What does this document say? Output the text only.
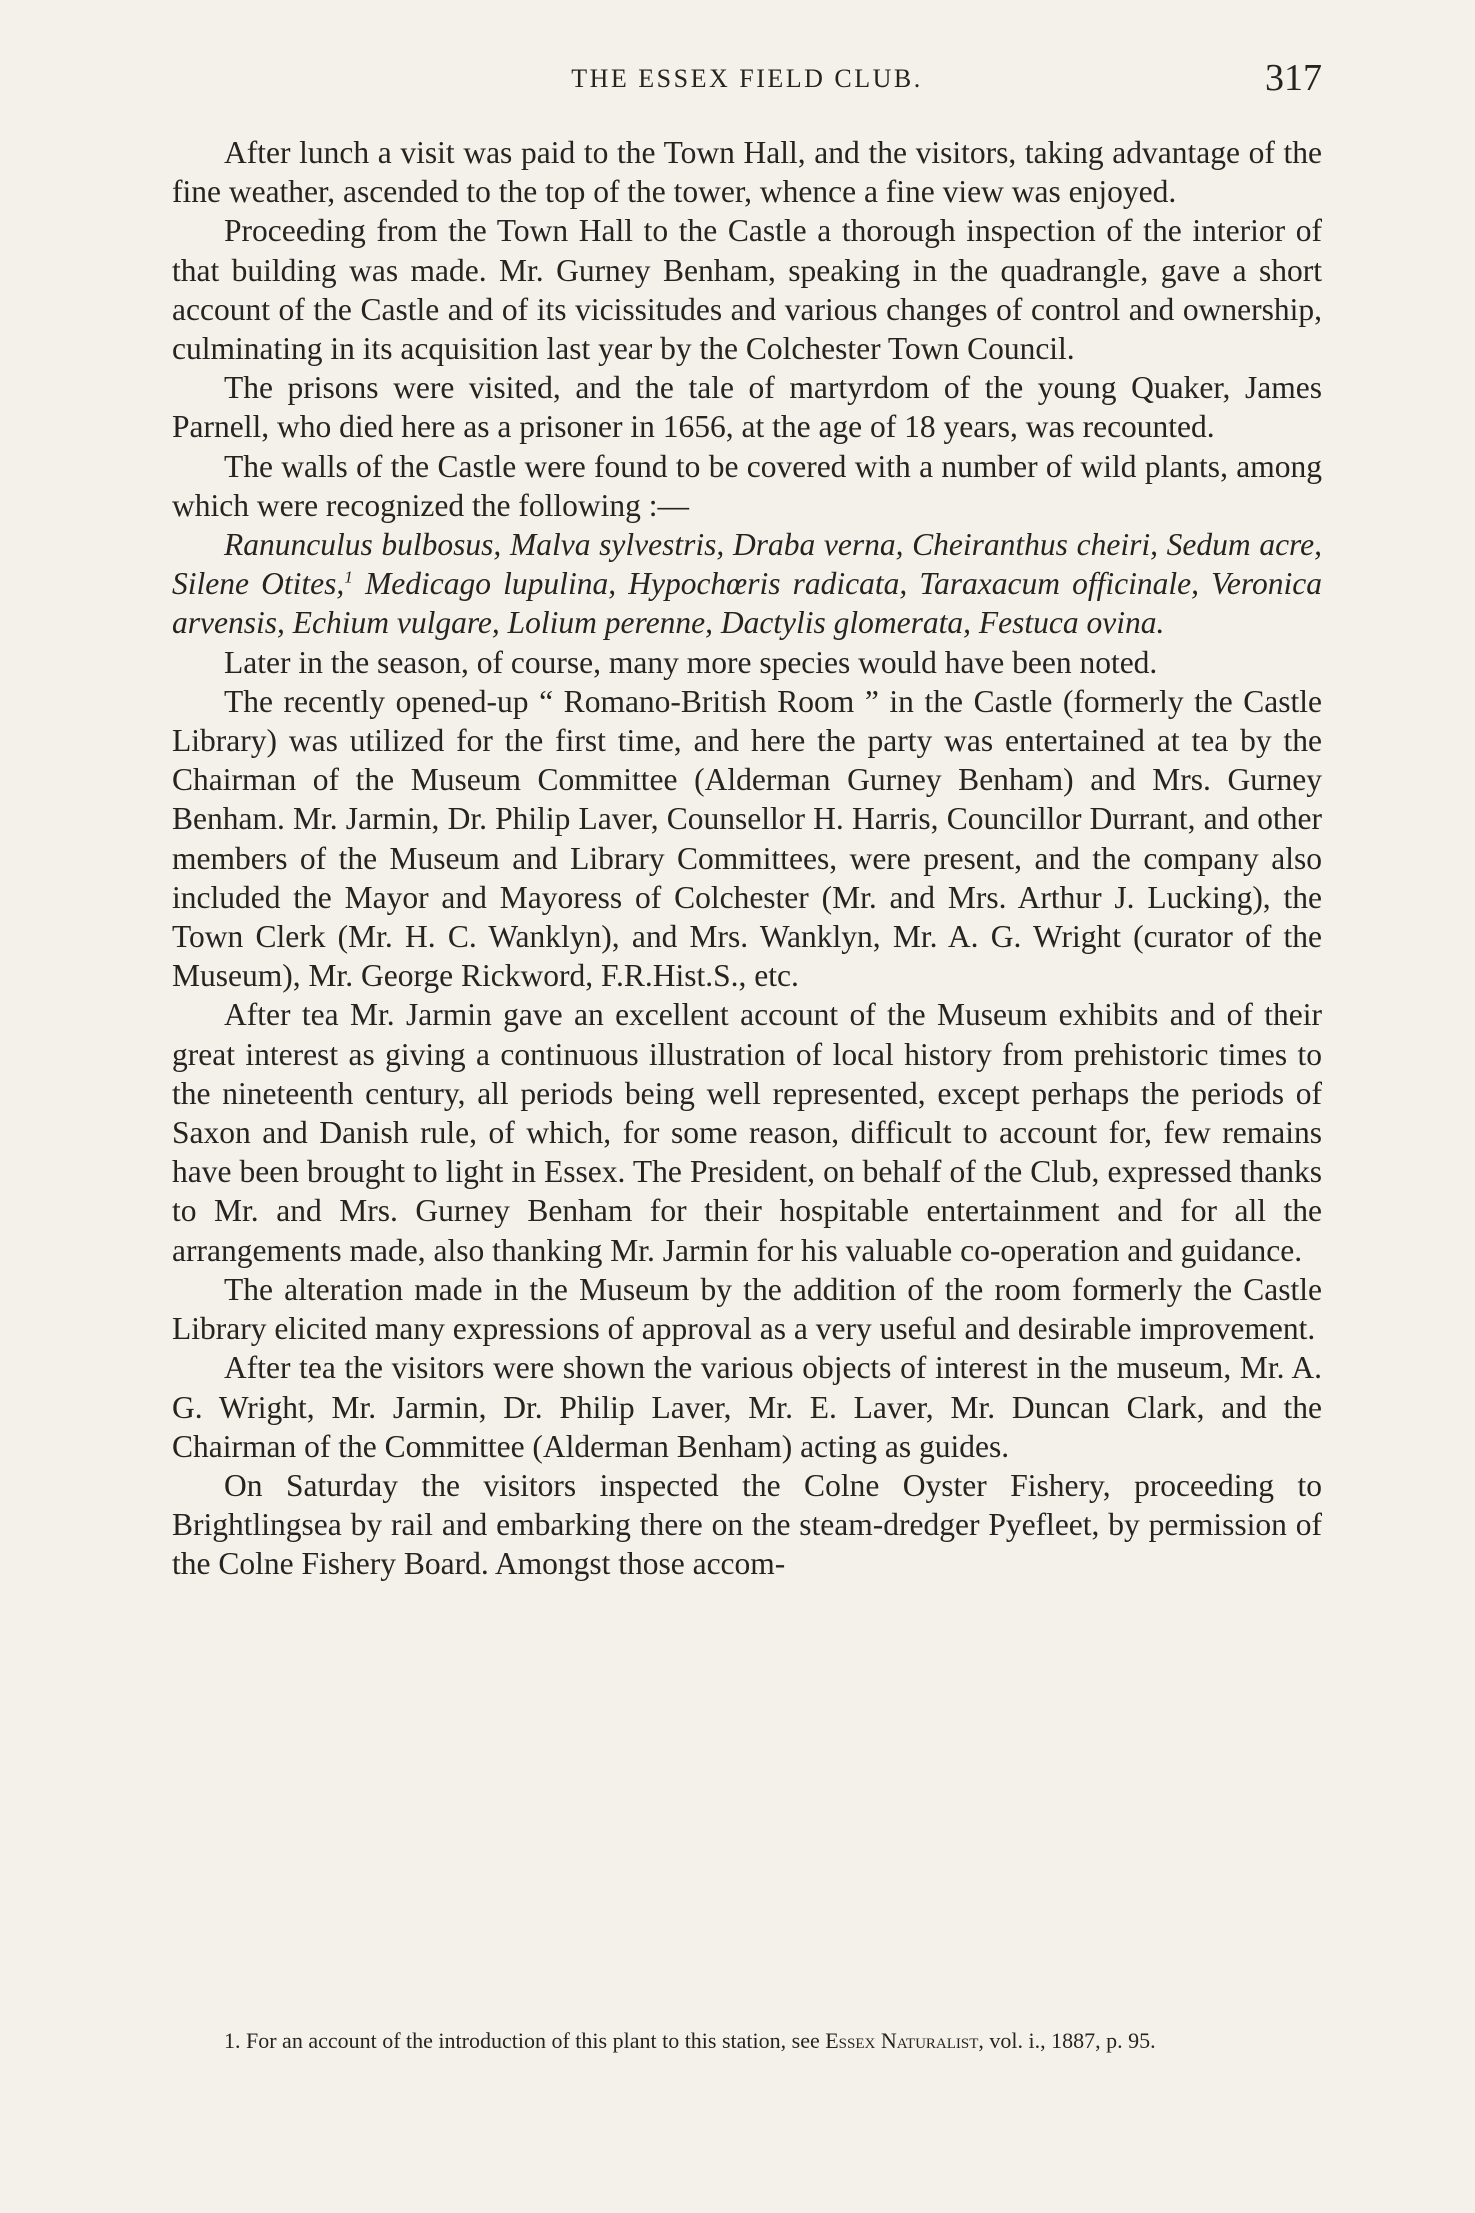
THE ESSEX FIELD CLUB.	317

After lunch a visit was paid to the Town Hall, and the visitors, taking advantage of the fine weather, ascended to the top of the tower, whence a fine view was enjoyed.

Proceeding from the Town Hall to the Castle a thorough inspection of the interior of that building was made. Mr. Gurney Benham, speaking in the quadrangle, gave a short account of the Castle and of its vicissitudes and various changes of control and ownership, culminating in its acquisition last year by the Colchester Town Council.

The prisons were visited, and the tale of martyrdom of the young Quaker, James Parnell, who died here as a prisoner in 1656, at the age of 18 years, was recounted.

The walls of the Castle were found to be covered with a number of wild plants, among which were recognized the following :—

Ranunculus bulbosus, Malva sylvestris, Draba verna, Cheiranthus cheiri, Sedum acre, Silene Otites,$^1$ Medicago lupulina, Hypochœris radicata, Taraxacum officinale, Veronica arvensis, Echium vulgare, Lolium perenne, Dactylis glomerata, Festuca ovina.

Later in the season, of course, many more species would have been noted.

The recently opened-up “ Romano-British Room ” in the Castle (formerly the Castle Library) was utilized for the first time, and here the party was entertained at tea by the Chairman of the Museum Committee (Alderman Gurney Benham) and Mrs. Gurney Benham. Mr. Jarmin, Dr. Philip Laver, Counsellor H. Harris, Councillor Durrant, and other members of the Museum and Library Committees, were present, and the company also included the Mayor and Mayoress of Colchester (Mr. and Mrs. Arthur J. Lucking), the Town Clerk (Mr. H. C. Wanklyn), and Mrs. Wanklyn, Mr. A. G. Wright (curator of the Museum), Mr. George Rickword, F.R.Hist.S., etc.

After tea Mr. Jarmin gave an excellent account of the Museum exhibits and of their great interest as giving a continuous illustration of local history from prehistoric times to the nineteenth century, all periods being well represented, except perhaps the periods of Saxon and Danish rule, of which, for some reason, difficult to account for, few remains have been brought to light in Essex. The President, on behalf of the Club, expressed thanks to Mr. and Mrs. Gurney Benham for their hospitable entertainment and for all the arrangements made, also thanking Mr. Jarmin for his valuable co-operation and guidance.

The alteration made in the Museum by the addition of the room formerly the Castle Library elicited many expressions of approval as a very useful and desirable improvement.

After tea the visitors were shown the various objects of interest in the museum, Mr. A. G. Wright, Mr. Jarmin, Dr. Philip Laver, Mr. E. Laver, Mr. Duncan Clark, and the Chairman of the Committee (Alderman Benham) acting as guides.

On Saturday the visitors inspected the Colne Oyster Fishery, proceeding to Brightlingsea by rail and embarking there on the steam-dredger Pyefleet, by permission of the Colne Fishery Board. Amongst those accom-

1. For an account of the introduction of this plant to this station, see Essex Naturalist, vol. i., 1887, p. 95.
